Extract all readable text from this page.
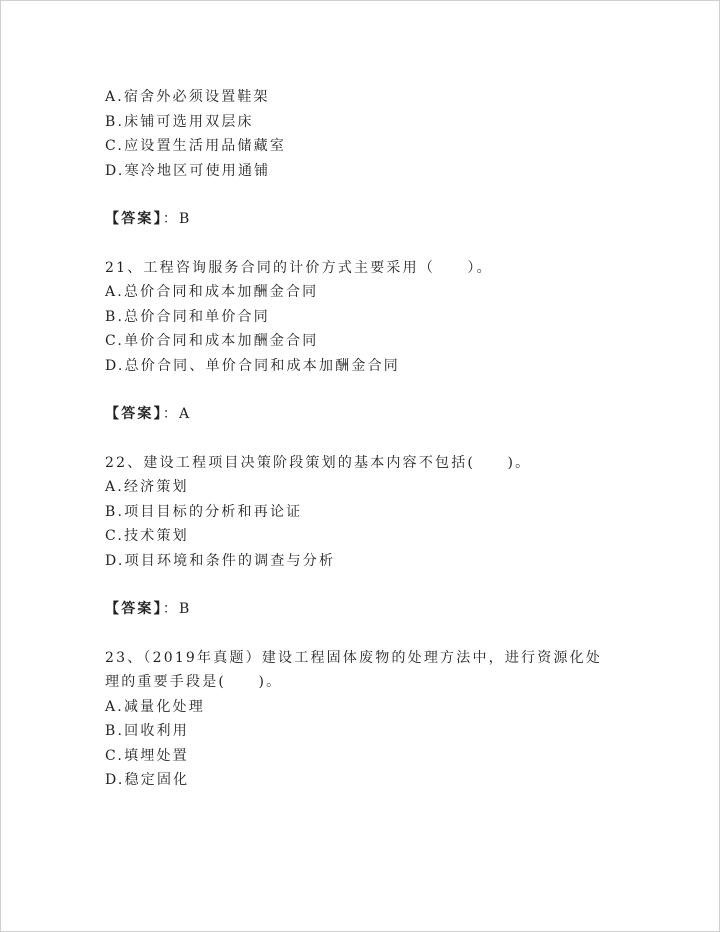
A.宿舍外必须设置鞋架
B.床铺可选用双层床
C.应设置生活用品储藏室
D.寒冷地区可使用通铺
【答案】：B
21、工程咨询服务合同的计价方式主要采用（　　）。
A.总价合同和成本加酬金合同
B.总价合同和单价合同
C.单价合同和成本加酬金合同
D.总价合同、单价合同和成本加酬金合同
【答案】：A
22、建设工程项目决策阶段策划的基本内容不包括(　　)。
A.经济策划
B.项目目标的分析和再论证
C.技术策划
D.项目环境和条件的调查与分析
【答案】：B
23、（2019年真题）建设工程固体废物的处理方法中，进行资源化处
理的重要手段是(　　)。
A.减量化处理
B.回收利用
C.填埋处置
D.稳定固化
